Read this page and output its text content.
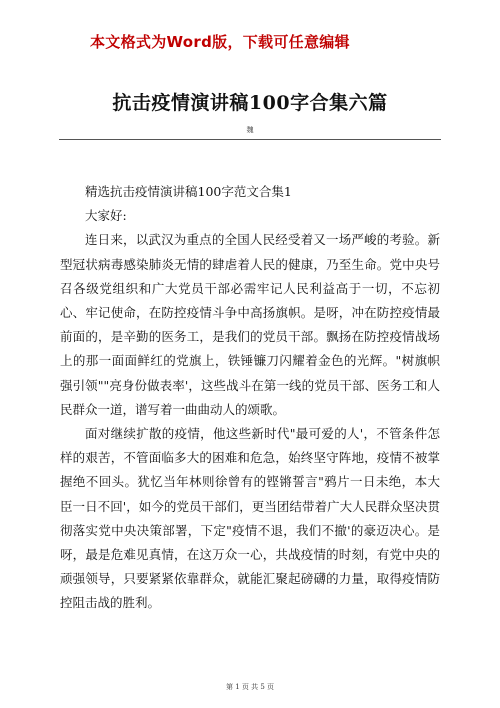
本文格式为Word版，下载可任意编辑
抗击疫情演讲稿100字合集六篇
魏

精选抗击疫情演讲稿100字范文合集1

大家好:

连日来，以武汉为重点的全国人民经受着又一场严峻的考验。新型冠状病毒感染肺炎无情的肆虐着人民的健康，乃至生命。党中央号召各级党组织和广大党员干部必需牢记人民利益高于一切，不忘初心、牢记使命，在防控疫情斗争中高扬旗帜。是呀，冲在防控疫情最前面的，是辛勤的医务工，是我们的党员干部。飘扬在防控疫情战场上的那一面面鲜红的党旗上，铁锤镰刀闪耀着金色的光辉。"树旗帜强引领""亮身份做表率'，这些战斗在第一线的党员干部、医务工和人民群众一道，谱写着一曲曲动人的颂歌。

面对继续扩散的疫情，他这些新时代"最可爱的人'，不管条件怎样的艰苦，不管面临多大的困难和危急，始终坚守阵地，疫情不被掌握绝不回头。犹忆当年林则徐曾有的铿锵誓言"鸦片一日未绝，本大臣一日不回'，如今的党员干部们，更当团结带着广大人民群众坚决贯彻落实党中央决策部署，下定"疫情不退，我们不撤'的豪迈决心。是呀，最是危难见真情，在这万众一心，共战疫情的时刻，有党中央的顽强领导，只要紧紧依靠群众，就能汇聚起磅礴的力量，取得疫情防控阻击战的胜利。

第 1 页 共 5 页
